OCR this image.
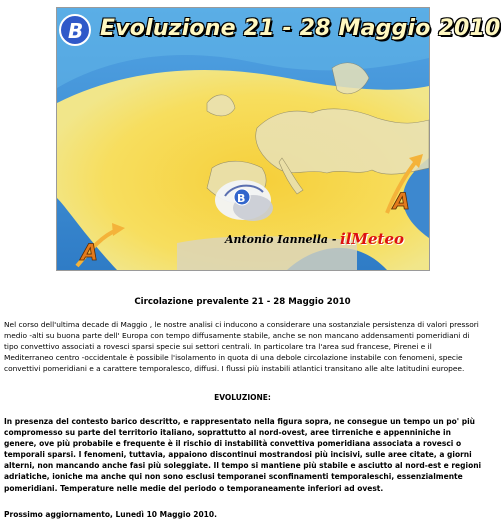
B
A
A
B
Evoluzione 21 - 28 Maggio 2010
Antonio Iannella - ilMeteo
Circolazione prevalente 21 - 28 Maggio 2010
Nel corso dell'ultima decade di Maggio , le nostre analisi ci inducono a considerare una sostanziale persistenza di valori pressori medio -alti su buona parte dell' Europa con tempo diffusamente stabile, anche se non mancano addensamenti pomeridiani di tipo convettivo associati a rovesci sparsi specie sui settori centrali. In particolare tra l'area sud francese, Pirenei e il Mediterraneo centro -occidentale è possibile l'isolamento in quota di una debole circolazione instabile con fenomeni, specie convettivi pomeridiani e a carattere temporalesco, diffusi. I flussi più instabili atlantici transitano alle alte latitudini europee.
EVOLUZIONE:
In presenza del contesto barico descritto, e rappresentato nella figura sopra, ne consegue un tempo un po' più compromesso su parte del territorio italiano, soprattutto al nord-ovest, aree tirreniche e appenniniche in genere, ove più probabile e frequente è il rischio di instabilità convettiva pomeridiana associata a rovesci o temporali sparsi. I fenomeni, tuttavia, appaiono discontinui mostrandosi più incisivi, sulle aree citate, a giorni alterni, non mancando anche fasi più soleggiate. Il tempo si mantiene più stabile e asciutto al nord-est e regioni adriatiche, ioniche ma anche qui non sono esclusi temporanei sconfinamenti temporaleschi, essenzialmente pomeridiani. Temperature nelle medie del periodo o temporaneamente inferiori ad ovest.
Prossimo aggiornamento, Lunedì 10 Maggio 2010.
